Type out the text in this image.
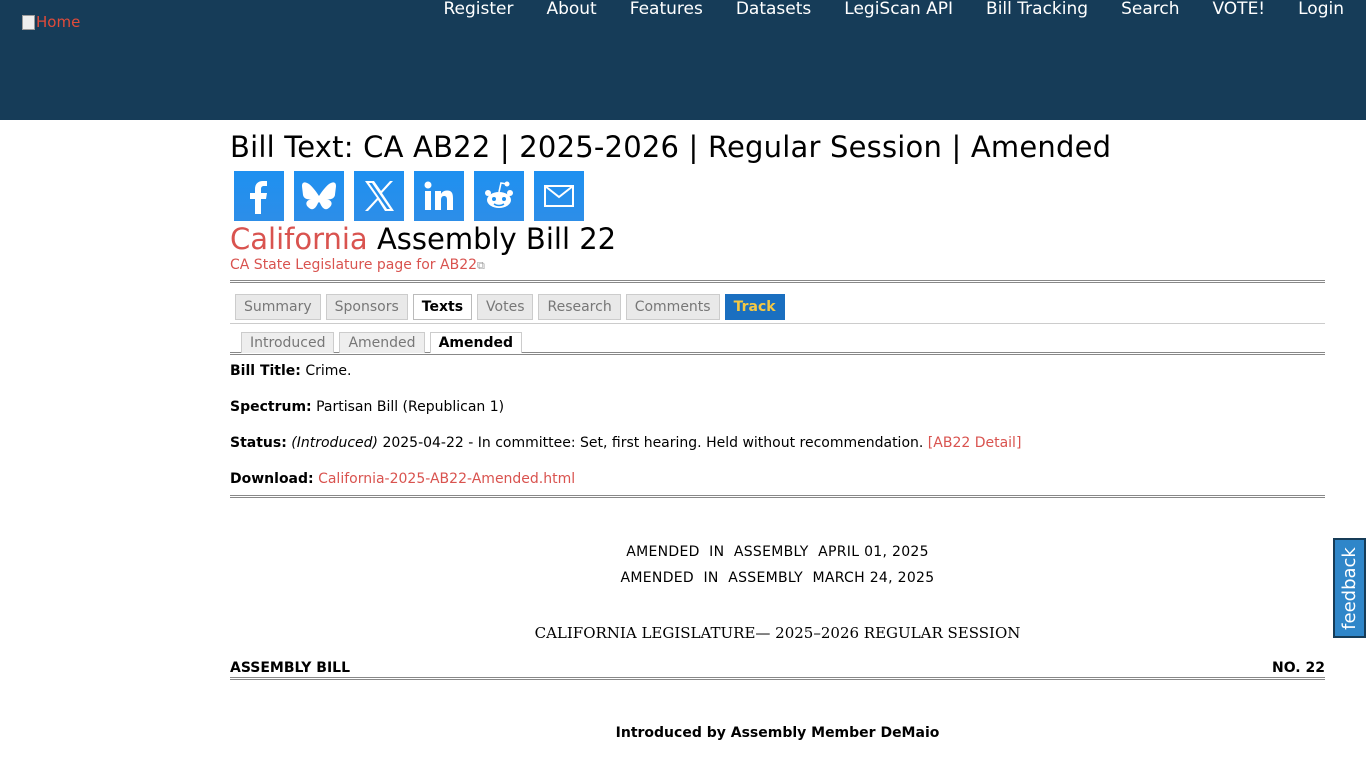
Home
Register About Features Datasets LegiScan API Bill Tracking Search VOTE! Login
Bill Text: CA AB22 | 2025-2026 | Regular Session | Amended
California Assembly Bill 22
CA State Legislature page for AB22⧉
Summary	Sponsors	Texts	Votes	Research	Comments	Track
Introduced	Amended	Amended
Bill Title: Crime.
Spectrum: Partisan Bill (Republican 1)
Status: (Introduced) 2025-04-22 - In committee: Set, first hearing. Held without recommendation. [AB22 Detail]
Download: California-2025-AB22-Amended.html
AMENDED  IN  ASSEMBLY  APRIL 01, 2025
AMENDED  IN  ASSEMBLY  MARCH 24, 2025
CALIFORNIA LEGISLATURE— 2025–2026 REGULAR SESSION
ASSEMBLY BILL	NO. 22
Introduced by Assembly Member DeMaio
feedback
